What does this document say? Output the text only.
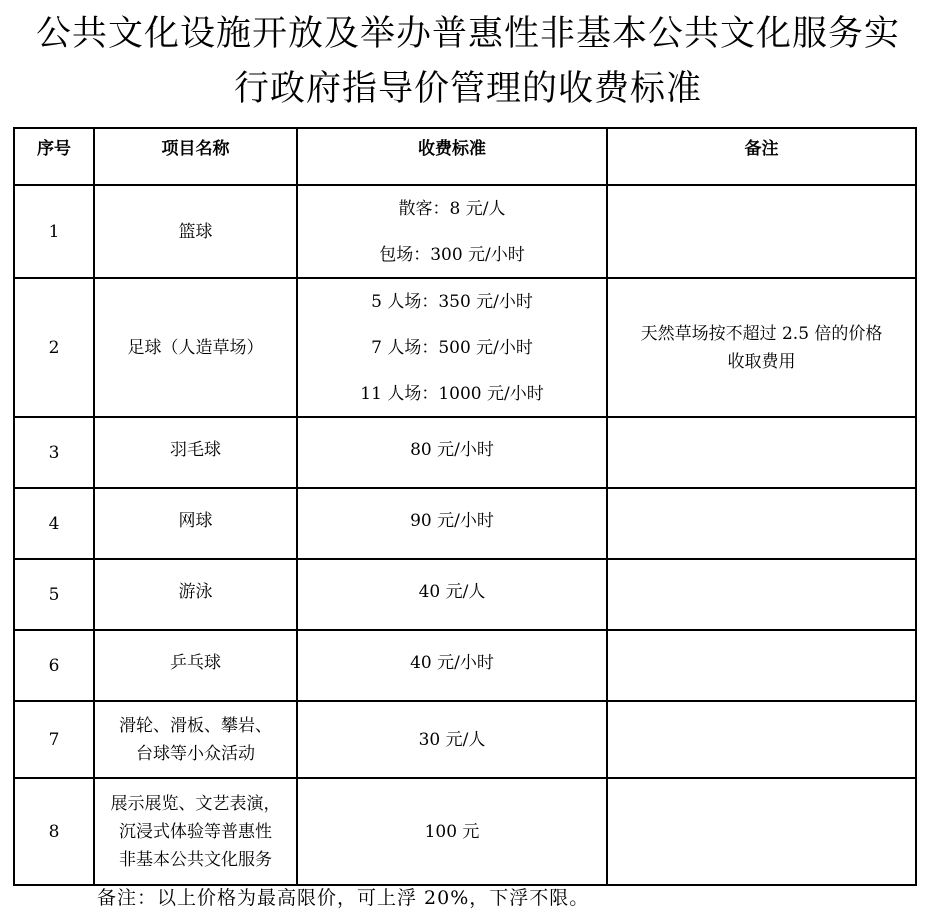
公共文化设施开放及举办普惠性非基本公共文化服务实
行政府指导价管理的收费标准
序号	项目名称	收费标准	备注
1	篮球	散客：8 元/人
包场：300 元/小时	

2	足球（人造草场）	5 人场：350 元/小时
7 人场：500 元/小时
11 人场：1000 元/小时	天然草场按不超过 2.5 倍的价格
收取费用

3	羽毛球	80 元/小时	

4	网球	90 元/小时	

5	游泳	40 元/人	

6	乒乓球	40 元/小时	

7	滑轮、滑板、攀岩、
台球等小众活动	30 元/人	

8	展示展览、文艺表演，
沉浸式体验等普惠性
非基本公共文化服务	100 元	

备注：以上价格为最高限价，可上浮 20%，下浮不限。
